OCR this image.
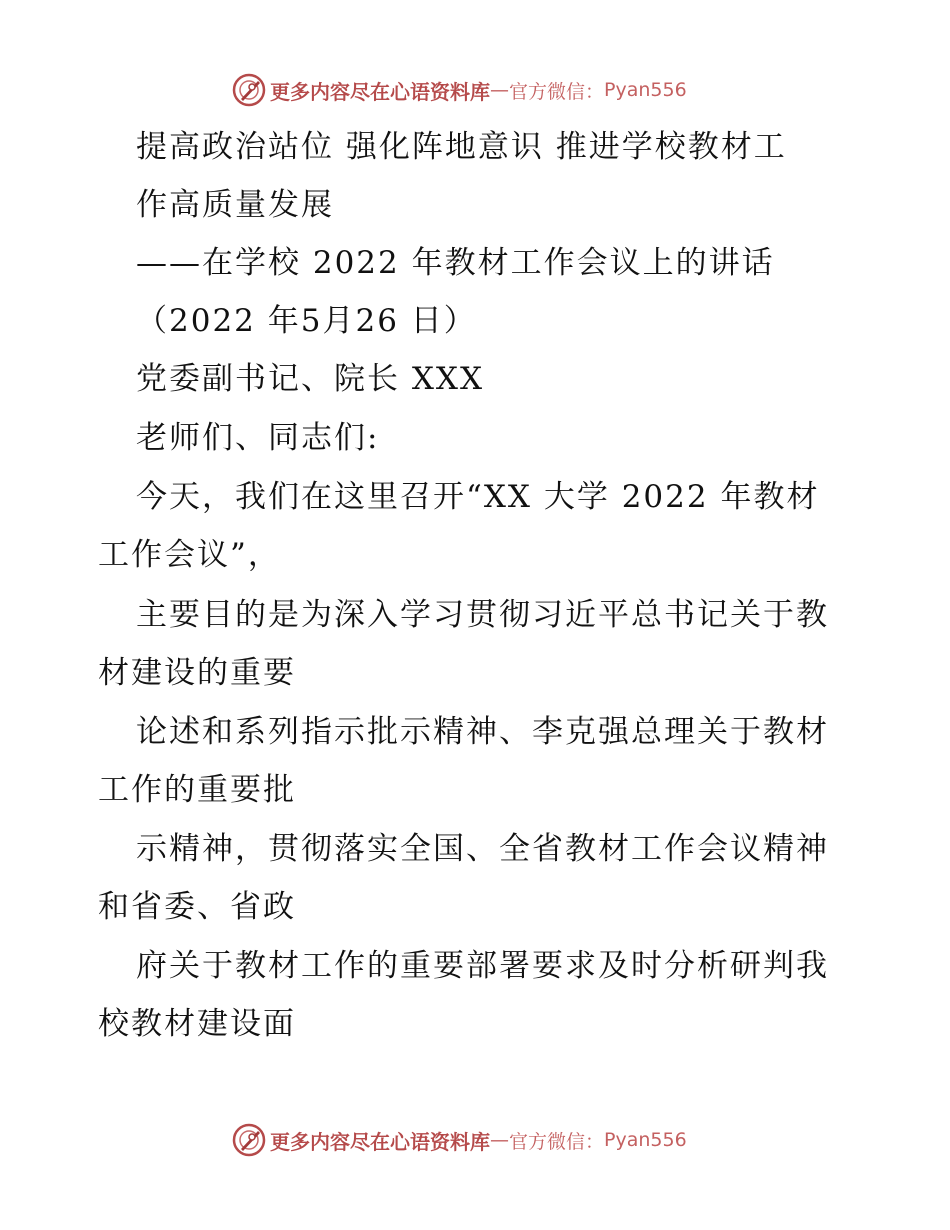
更多内容尽在心语资料库 — 官方微信： Pyan556
提高政治站位 强化阵地意识 推进学校教材工
作高质量发展
——在学校 2022 年教材工作会议上的讲话
（2022 年5月26 日）
党委副书记、院长 XXX
老师们、同志们:
今天，我们在这里召开“XX 大学 2022 年教材
工作会议”，
主要目的是为深入学习贯彻习近平总书记关于教
材建设的重要
论述和系列指示批示精神、李克强总理关于教材
工作的重要批
示精神，贯彻落实全国、全省教材工作会议精神
和省委、省政
府关于教材工作的重要部署要求及时分析研判我
校教材建设面
更多内容尽在心语资料库 — 官方微信： Pyan556
